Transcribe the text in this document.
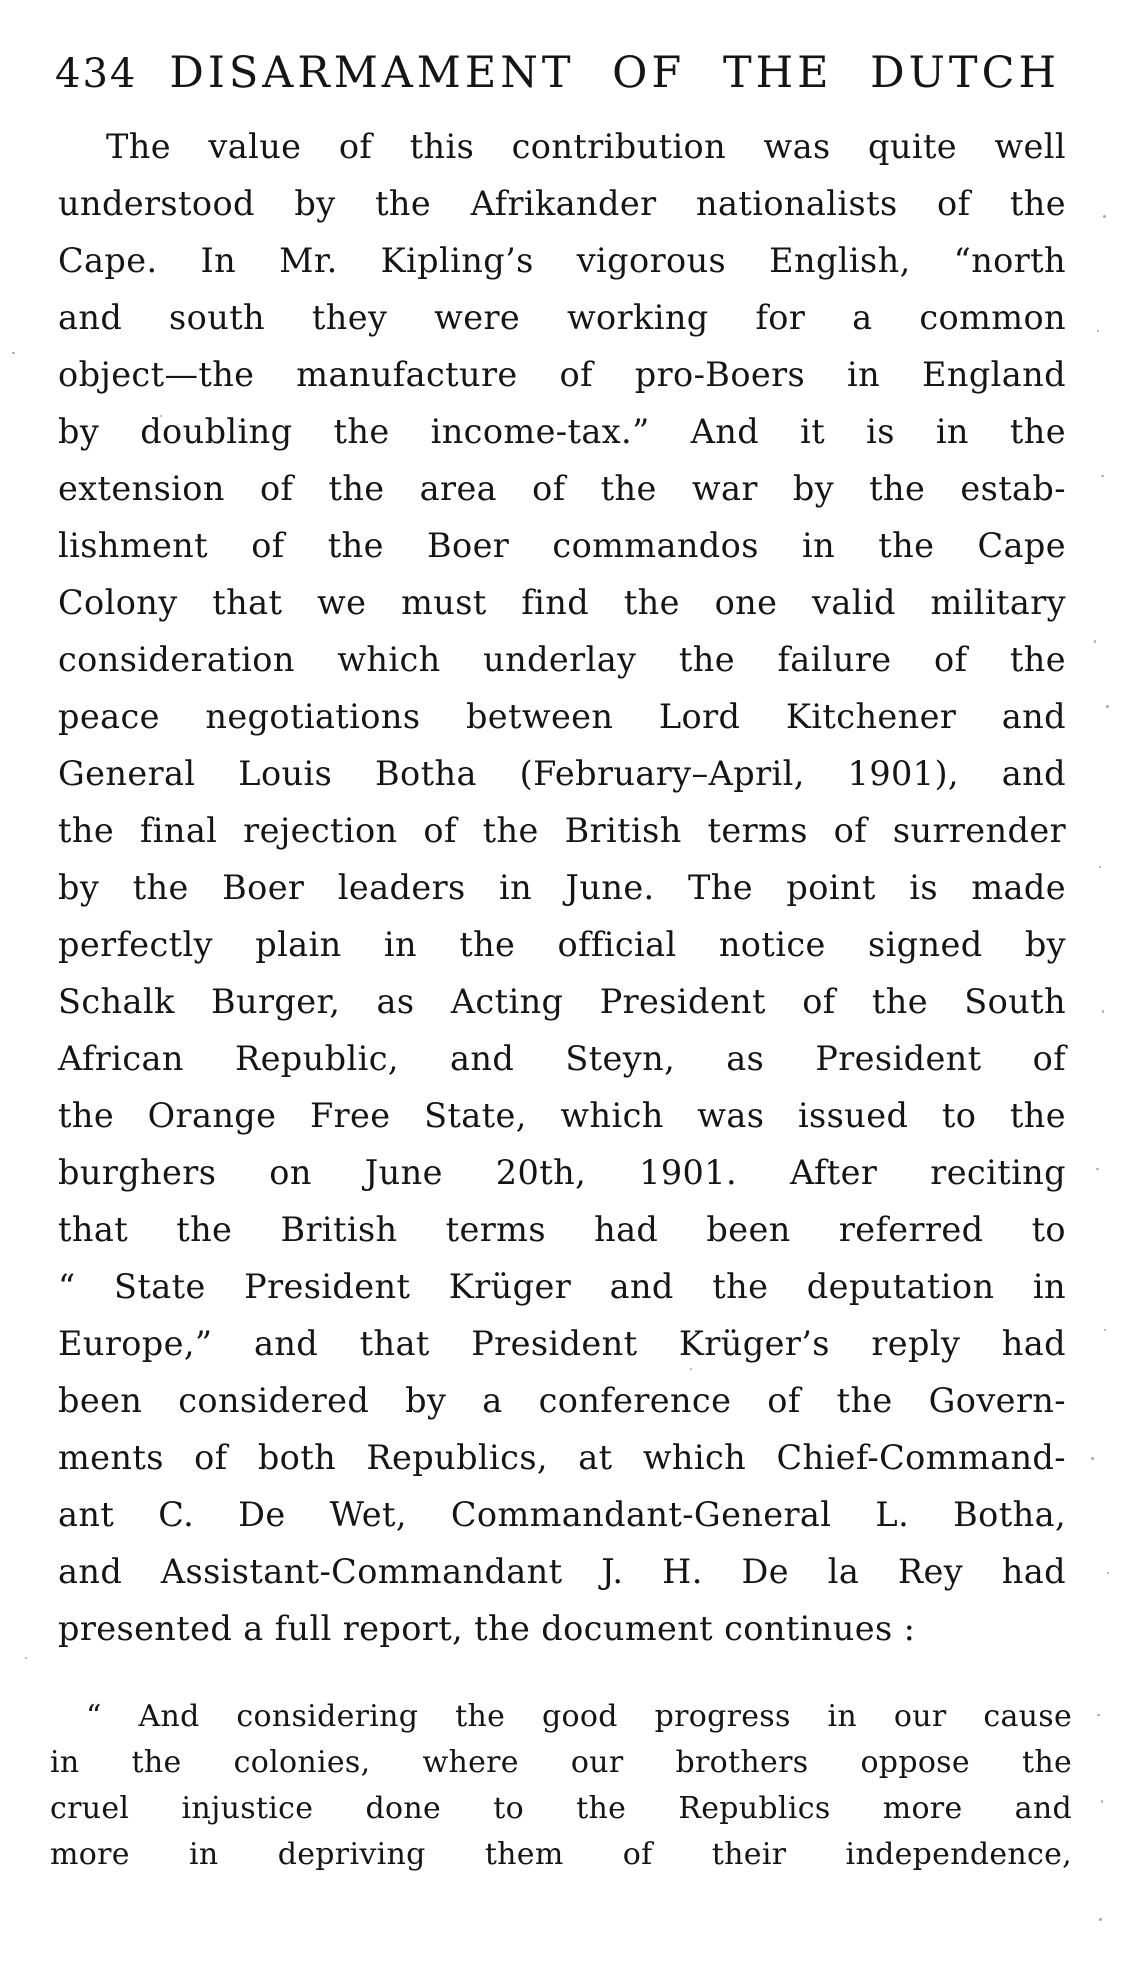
434 DISARMAMENT OF THE DUTCH
The value of this contribution was quite well
understood by the Afrikander nationalists of the
Cape. In Mr. Kipling’s vigorous English, “north
and south they were working for a common
object—the manufacture of pro-Boers in England
by doubling the income-tax.” And it is in the
extension of the area of the war by the estab-
lishment of the Boer commandos in the Cape
Colony that we must find the one valid military
consideration which underlay the failure of the
peace negotiations between Lord Kitchener and
General Louis Botha (February–April, 1901), and
the final rejection of the British terms of surrender
by the Boer leaders in June. The point is made
perfectly plain in the official notice signed by
Schalk Burger, as Acting President of the South
African Republic, and Steyn, as President of
the Orange Free State, which was issued to the
burghers on June 20th, 1901. After reciting
that the British terms had been referred to
“ State President Krüger and the deputation in
Europe,” and that President Krüger’s reply had
been considered by a conference of the Govern-
ments of both Republics, at which Chief-Command-
ant C. De Wet, Commandant-General L. Botha,
and Assistant-Commandant J. H. De la Rey had
presented a full report, the document continues :
“ And considering the good progress in our cause
in the colonies, where our brothers oppose the
cruel injustice done to the Republics more and
more in depriving them of their independence,
